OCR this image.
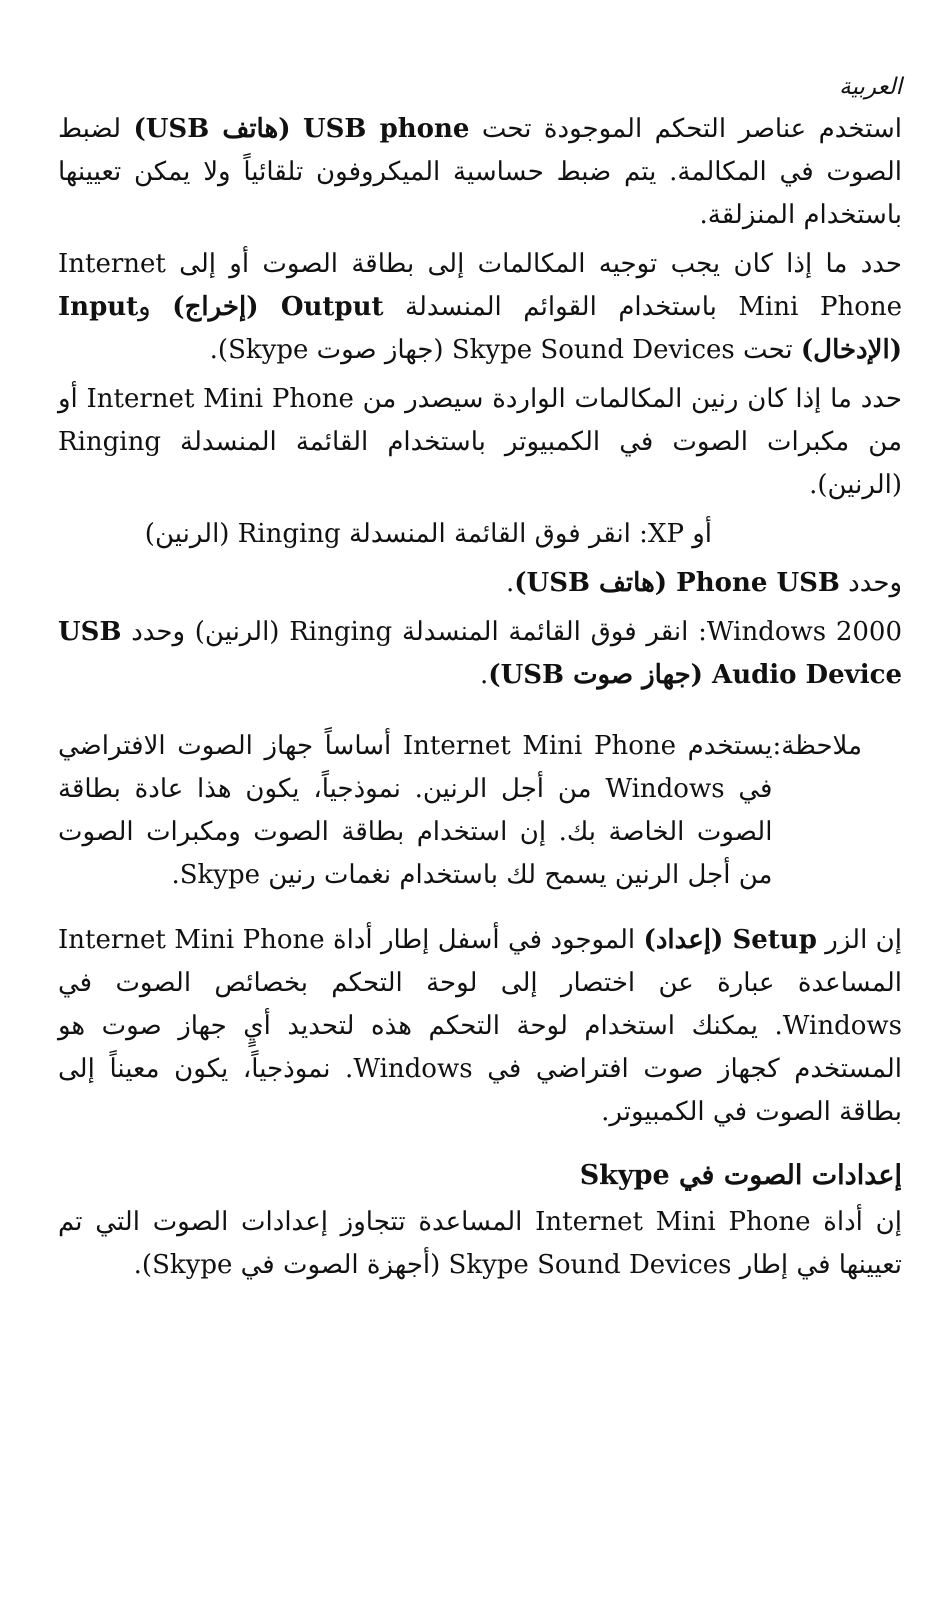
العربية

استخدم عناصر التحكم الموجودة تحت USB phone (هاتف USB) لضبط الصوت في المكالمة. يتم ضبط حساسية الميكروفون تلقائياً ولا يمكن تعيينها باستخدام المنزلقة.

حدد ما إذا كان يجب توجيه المكالمات إلى بطاقة الصوت أو إلى Internet Mini Phone باستخدام القوائم المنسدلة Output (إخراج) وInput (الإدخال) تحت Skype Sound Devices (جهاز صوت Skype).

حدد ما إذا كان رنين المكالمات الواردة سيصدر من Internet Mini Phone أو من مكبرات الصوت في الكمبيوتر باستخدام القائمة المنسدلة Ringing (الرنين).

أو XP: انقر فوق القائمة المنسدلة Ringing (الرنين)

وحدد Phone USB (هاتف USB).

Windows 2000: انقر فوق القائمة المنسدلة Ringing (الرنين) وحدد USB Audio Device (جهاز صوت USB).

ملاحظة:
يستخدم Internet Mini Phone أساساً جهاز الصوت الافتراضي في Windows من أجل الرنين. نموذجياً، يكون هذا عادة بطاقة الصوت الخاصة بك. إن استخدام بطاقة الصوت ومكبرات الصوت من أجل الرنين يسمح لك باستخدام نغمات رنين Skype.

إن الزر Setup (إعداد) الموجود في أسفل إطار أداة Internet Mini Phone المساعدة عبارة عن اختصار إلى لوحة التحكم بخصائص الصوت في Windows. يمكنك استخدام لوحة التحكم هذه لتحديد أيٍ جهاز صوت هو المستخدم كجهاز صوت افتراضي في Windows. نموذجياً، يكون معيناً إلى بطاقة الصوت في الكمبيوتر.

إعدادات الصوت في Skype

إن أداة Internet Mini Phone المساعدة تتجاوز إعدادات الصوت التي تم تعيينها في إطار Skype Sound Devices (أجهزة الصوت في Skype).
